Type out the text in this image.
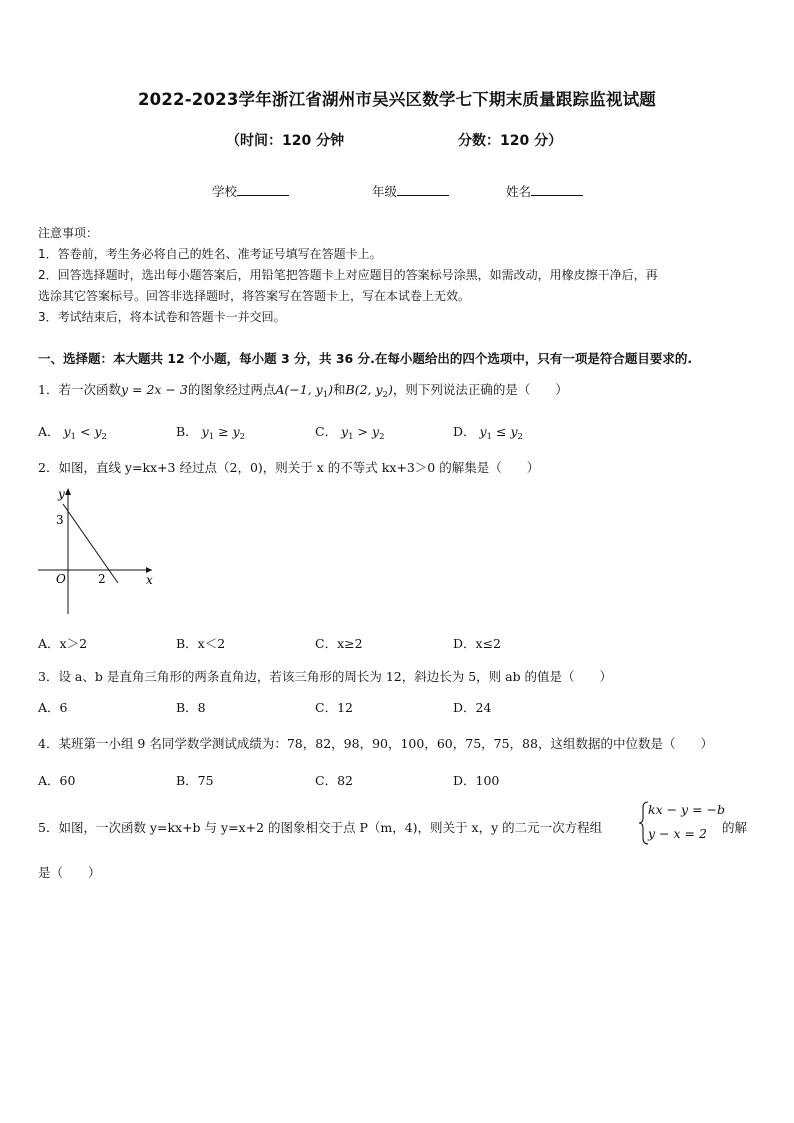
2022-2023学年浙江省湖州市吴兴区数学七下期末质量跟踪监视试题
（时间：120 分钟	分数：120 分）
学校	年级	姓名
注意事项：
1．答卷前，考生务必将自己的姓名、准考证号填写在答题卡上。
2．回答选择题时，选出每小题答案后，用铅笔把答题卡上对应题目的答案标号涂黑，如需改动，用橡皮擦干净后，再
选涂其它答案标号。回答非选择题时，将答案写在答题卡上，写在本试卷上无效。
3．考试结束后，将本试卷和答题卡一并交回。
一、选择题：本大题共 12 个小题，每小题 3 分，共 36 分.在每小题给出的四个选项中，只有一项是符合题目要求的.
1．若一次函数y = 2x − 3的图象经过两点A(−1, $y_1$)和B(2, $y_2$)，则下列说法正确的是（　　）
A． $y_1 < y_2$	B． $y_1 \ge y_2$	C． $y_1 > y_2$	D． $y_1 \le y_2$
2．如图，直线 y=kx+3 经过点（2，0)，则关于 x 的不等式 kx+3＞0 的解集是（　　）
y
x
O
3
2
A．x＞2	B．x＜2	C．x≥2	D．x≤2
3．设 a、b 是直角三角形的两条直角边，若该三角形的周长为 12，斜边长为 5，则 ab 的值是（　　）
A．6	B．8	C．12	D．24
4．某班第一小组 9 名同学数学测试成绩为：78，82，98，90，100，60，75，75，88，这组数据的中位数是（　　）
A．60	B．75	C．82	D．100
5．如图，一次函数 y=kx+b 与 y=x+2 的图象相交于点 P（m，4)，则关于 x，y 的二元一次方程组
kx − y = −b
y − x = 2 的解
是（　　）
